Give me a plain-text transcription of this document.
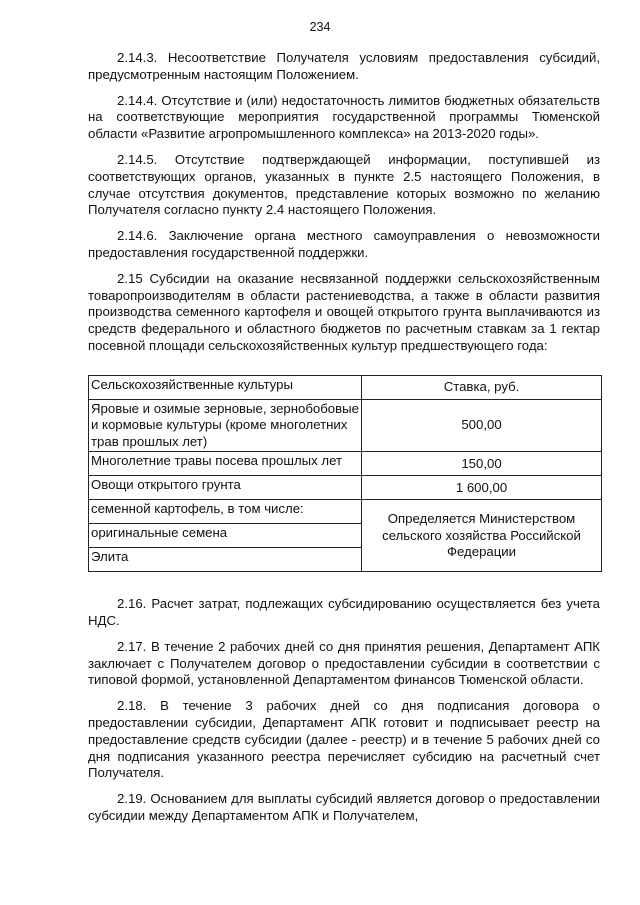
234

2.14.3. Несоответствие Получателя условиям предоставления субсидий, предусмотренным настоящим Положением.

2.14.4. Отсутствие и (или) недостаточность лимитов бюджетных обязательств на соответствующие мероприятия государственной программы Тюменской области «Развитие агропромышленного комплекса» на 2013-2020 годы».

2.14.5. Отсутствие подтверждающей информации, поступившей из соответствующих органов, указанных в пункте 2.5 настоящего Положения, в случае отсутствия документов, представление которых возможно по желанию Получателя согласно пункту 2.4 настоящего Положения.

2.14.6. Заключение органа местного самоуправления о невозможности предоставления государственной поддержки.

2.15 Субсидии на оказание несвязанной поддержки сельскохозяйственным товаропроизводителям в области растениеводства, а также в области развития производства семенного картофеля и овощей открытого грунта выплачиваются из средств федерального и областного бюджетов по расчетным ставкам за 1 гектар посевной площади сельскохозяйственных культур предшествующего года:

Сельскохозяйственные культуры	Ставка, руб.
Яровые и озимые зерновые, зернобобовые и кормовые культуры (кроме многолетних трав прошлых лет)	500,00
Многолетние травы посева прошлых лет	150,00
Овощи открытого грунта	1 600,00
семенной картофель, в том числе:	Определяется Министерством сельского хозяйства Российской Федерации
оригинальные семена	
Элита	

2.16. Расчет затрат, подлежащих субсидированию осуществляется без учета НДС.

2.17. В течение 2 рабочих дней со дня принятия решения, Департамент АПК заключает с Получателем договор о предоставлении субсидии в соответствии с типовой формой, установленной Департаментом финансов Тюменской области.

2.18. В течение 3 рабочих дней со дня подписания договора о предоставлении субсидии, Департамент АПК готовит и подписывает реестр на предоставление средств субсидии (далее - реестр) и в течение 5 рабочих дней со дня подписания указанного реестра перечисляет субсидию на расчетный счет Получателя.

2.19. Основанием для выплаты субсидий является договор о предоставлении субсидии между Департаментом АПК и Получателем,
